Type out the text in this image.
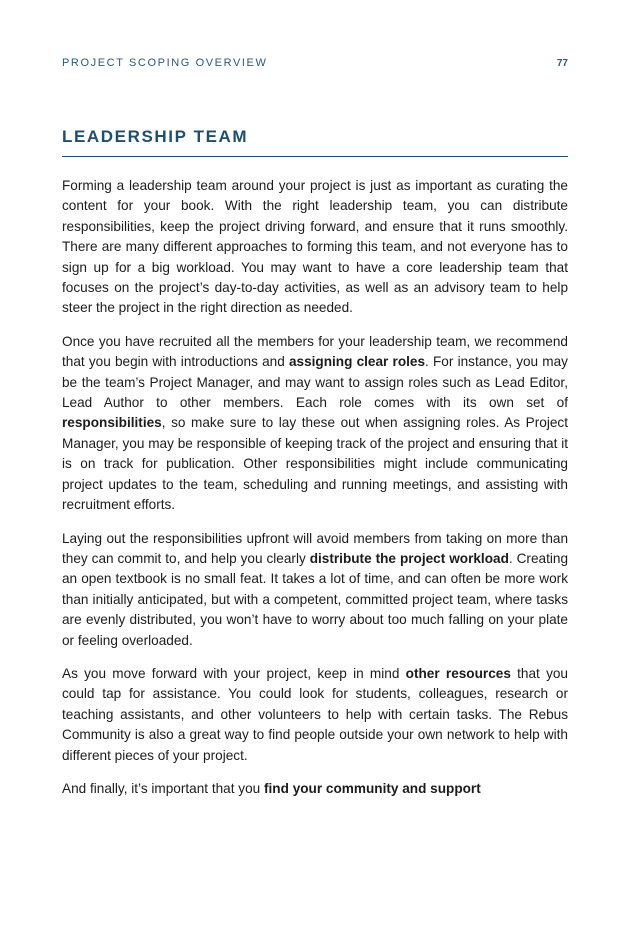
PROJECT SCOPING OVERVIEW	77
LEADERSHIP TEAM

Forming a leadership team around your project is just as important as curating the content for your book. With the right leadership team, you can distribute responsibilities, keep the project driving forward, and ensure that it runs smoothly. There are many different approaches to forming this team, and not everyone has to sign up for a big workload. You may want to have a core leadership team that focuses on the project’s day-to-day activities, as well as an advisory team to help steer the project in the right direction as needed.

Once you have recruited all the members for your leadership team, we recommend that you begin with introductions and assigning clear roles. For instance, you may be the team’s Project Manager, and may want to assign roles such as Lead Editor, Lead Author to other members. Each role comes with its own set of responsibilities, so make sure to lay these out when assigning roles. As Project Manager, you may be responsible of keeping track of the project and ensuring that it is on track for publication. Other responsibilities might include communicating project updates to the team, scheduling and running meetings, and assisting with recruitment efforts.

Laying out the responsibilities upfront will avoid members from taking on more than they can commit to, and help you clearly distribute the project workload. Creating an open textbook is no small feat. It takes a lot of time, and can often be more work than initially anticipated, but with a competent, committed project team, where tasks are evenly distributed, you won’t have to worry about too much falling on your plate or feeling overloaded.

As you move forward with your project, keep in mind other resources that you could tap for assistance. You could look for students, colleagues, research or teaching assistants, and other volunteers to help with certain tasks. The Rebus Community is also a great way to find people outside your own network to help with different pieces of your project.

And finally, it’s important that you find your community and support
